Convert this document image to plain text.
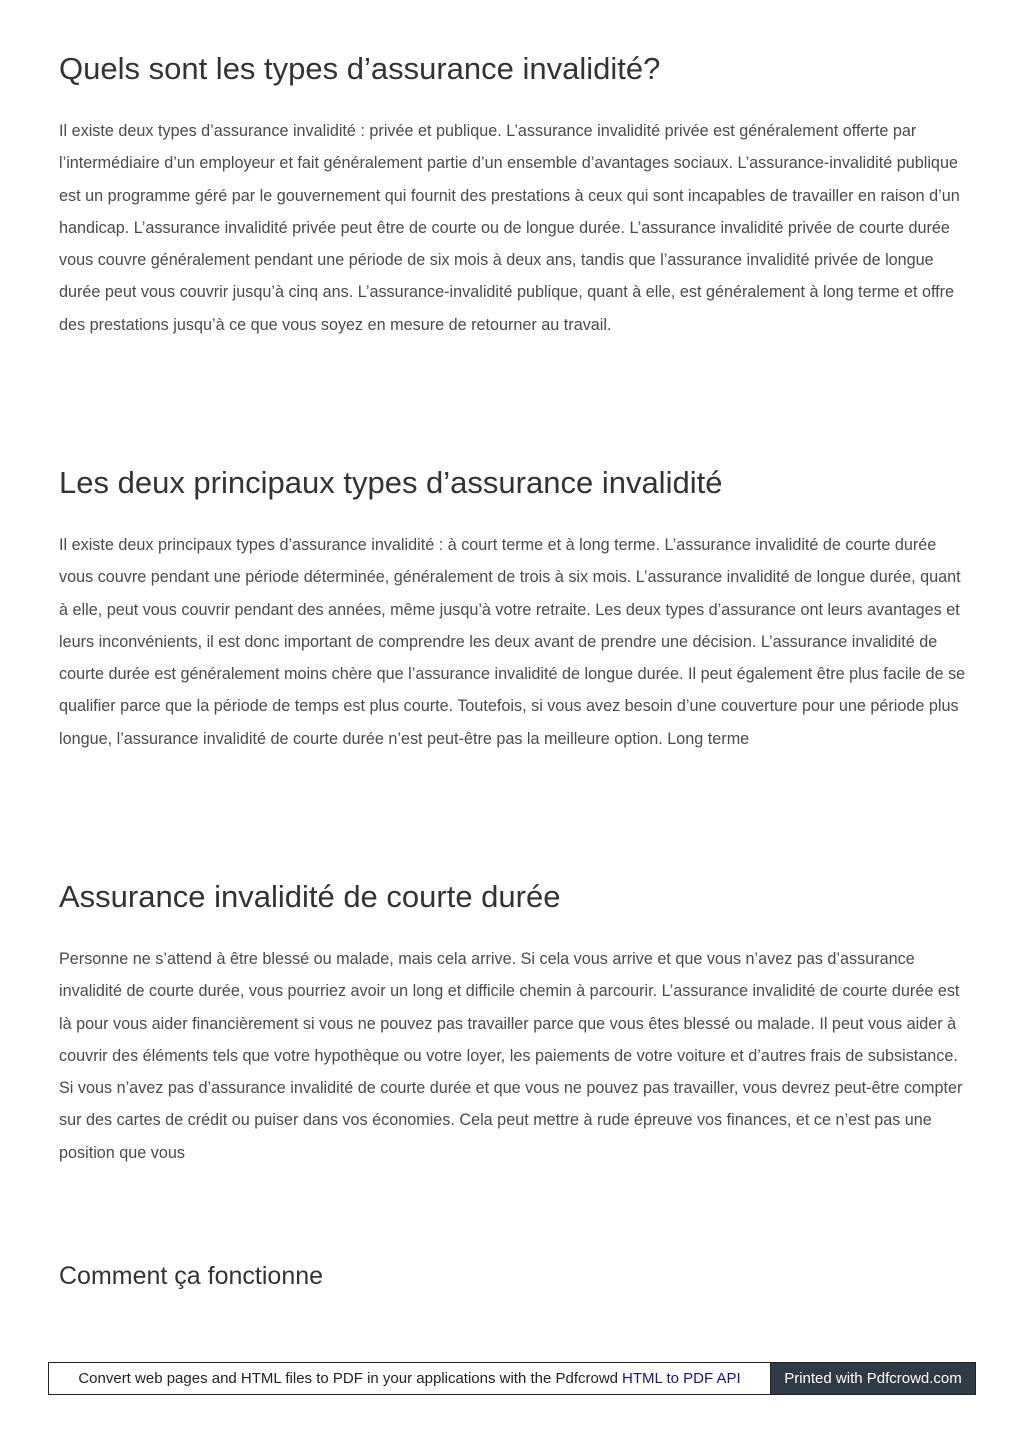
Quels sont les types d’assurance invalidité?

Il existe deux types d’assurance invalidité : privée et publique. L’assurance invalidité privée est généralement offerte par l’intermédiaire d’un employeur et fait généralement partie d’un ensemble d’avantages sociaux. L’assurance-invalidité publique est un programme géré par le gouvernement qui fournit des prestations à ceux qui sont incapables de travailler en raison d’un handicap. L’assurance invalidité privée peut être de courte ou de longue durée. L’assurance invalidité privée de courte durée vous couvre généralement pendant une période de six mois à deux ans, tandis que l’assurance invalidité privée de longue durée peut vous couvrir jusqu’à cinq ans. L’assurance-invalidité publique, quant à elle, est généralement à long terme et offre des prestations jusqu’à ce que vous soyez en mesure de retourner au travail.

Les deux principaux types d’assurance invalidité

Il existe deux principaux types d’assurance invalidité : à court terme et à long terme. L’assurance invalidité de courte durée vous couvre pendant une période déterminée, généralement de trois à six mois. L’assurance invalidité de longue durée, quant à elle, peut vous couvrir pendant des années, même jusqu’à votre retraite. Les deux types d’assurance ont leurs avantages et leurs inconvénients, il est donc important de comprendre les deux avant de prendre une décision. L’assurance invalidité de courte durée est généralement moins chère que l’assurance invalidité de longue durée. Il peut également être plus facile de se qualifier parce que la période de temps est plus courte. Toutefois, si vous avez besoin d’une couverture pour une période plus longue, l’assurance invalidité de courte durée n’est peut-être pas la meilleure option. Long terme

Assurance invalidité de courte durée

Personne ne s’attend à être blessé ou malade, mais cela arrive. Si cela vous arrive et que vous n’avez pas d’assurance invalidité de courte durée, vous pourriez avoir un long et difficile chemin à parcourir. L’assurance invalidité de courte durée est là pour vous aider financièrement si vous ne pouvez pas travailler parce que vous êtes blessé ou malade. Il peut vous aider à couvrir des éléments tels que votre hypothèque ou votre loyer, les paiements de votre voiture et d’autres frais de subsistance. Si vous n’avez pas d’assurance invalidité de courte durée et que vous ne pouvez pas travailler, vous devrez peut-être compter sur des cartes de crédit ou puiser dans vos économies. Cela peut mettre à rude épreuve vos finances, et ce n’est pas une position que vous

Comment ça fonctionne
Convert web pages and HTML files to PDF in your applications with the Pdfcrowd HTML to PDF API	Printed with Pdfcrowd.com
